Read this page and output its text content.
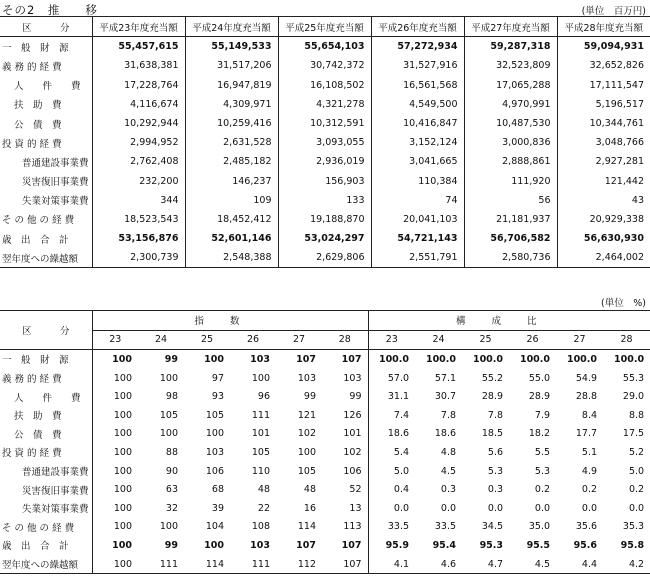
その2　推　　移	(単位　百万円)
区　　　分	平成23年度充当額	平成24年度充当額	平成25年度充当額	平成26年度充当額	平成27年度充当額	平成28年度充当額
一　般　財　源	55,457,615	55,149,533	55,654,103	57,272,934	59,287,318	59,094,931
義 務 的 経 費	31,638,381	31,517,206	30,742,372	31,527,916	32,523,809	32,652,826
人　　件　　費	17,228,764	16,947,819	16,108,502	16,561,568	17,065,288	17,111,547
扶　助　費	4,116,674	4,309,971	4,321,278	4,549,500	4,970,991	5,196,517
公　債　費	10,292,944	10,259,416	10,312,591	10,416,847	10,487,530	10,344,761
投 資 的 経 費	2,994,952	2,631,528	3,093,055	3,152,124	3,000,836	3,048,766
普通建設事業費	2,762,408	2,485,182	2,936,019	3,041,665	2,888,861	2,927,281
災害復旧事業費	232,200	146,237	156,903	110,384	111,920	121,442
失業対策事業費	344	109	133	74	56	43
そ の 他 の 経 費	18,523,543	18,452,412	19,188,870	20,041,103	21,181,937	20,929,338
歳　出　合　計	53,156,876	52,601,146	53,024,297	54,721,143	56,706,582	56,630,930
翌年度への繰越額	2,300,739	2,548,388	2,629,806	2,551,791	2,580,736	2,464,002
(単位　%)
区　　　分	指数						構成比					
	23	24	25	26	27	28	23	24	25	26	27	28
一　般　財　源	100	99	100	103	107	107	100.0	100.0	100.0	100.0	100.0	100.0
義 務 的 経 費	100	100	97	100	103	103	57.0	57.1	55.2	55.0	54.9	55.3
人　　件　　費	100	98	93	96	99	99	31.1	30.7	28.9	28.9	28.8	29.0
扶　助　費	100	105	105	111	121	126	7.4	7.8	7.8	7.9	8.4	8.8
公　債　費	100	100	100	101	102	101	18.6	18.6	18.5	18.2	17.7	17.5
投 資 的 経 費	100	88	103	105	100	102	5.4	4.8	5.6	5.5	5.1	5.2
普通建設事業費	100	90	106	110	105	106	5.0	4.5	5.3	5.3	4.9	5.0
災害復旧事業費	100	63	68	48	48	52	0.4	0.3	0.3	0.2	0.2	0.2
失業対策事業費	100	32	39	22	16	13	0.0	0.0	0.0	0.0	0.0	0.0
そ の 他 の 経 費	100	100	104	108	114	113	33.5	33.5	34.5	35.0	35.6	35.3
歳　出　合　計	100	99	100	103	107	107	95.9	95.4	95.3	95.5	95.6	95.8
翌年度への繰越額	100	111	114	111	112	107	4.1	4.6	4.7	4.5	4.4	4.2
